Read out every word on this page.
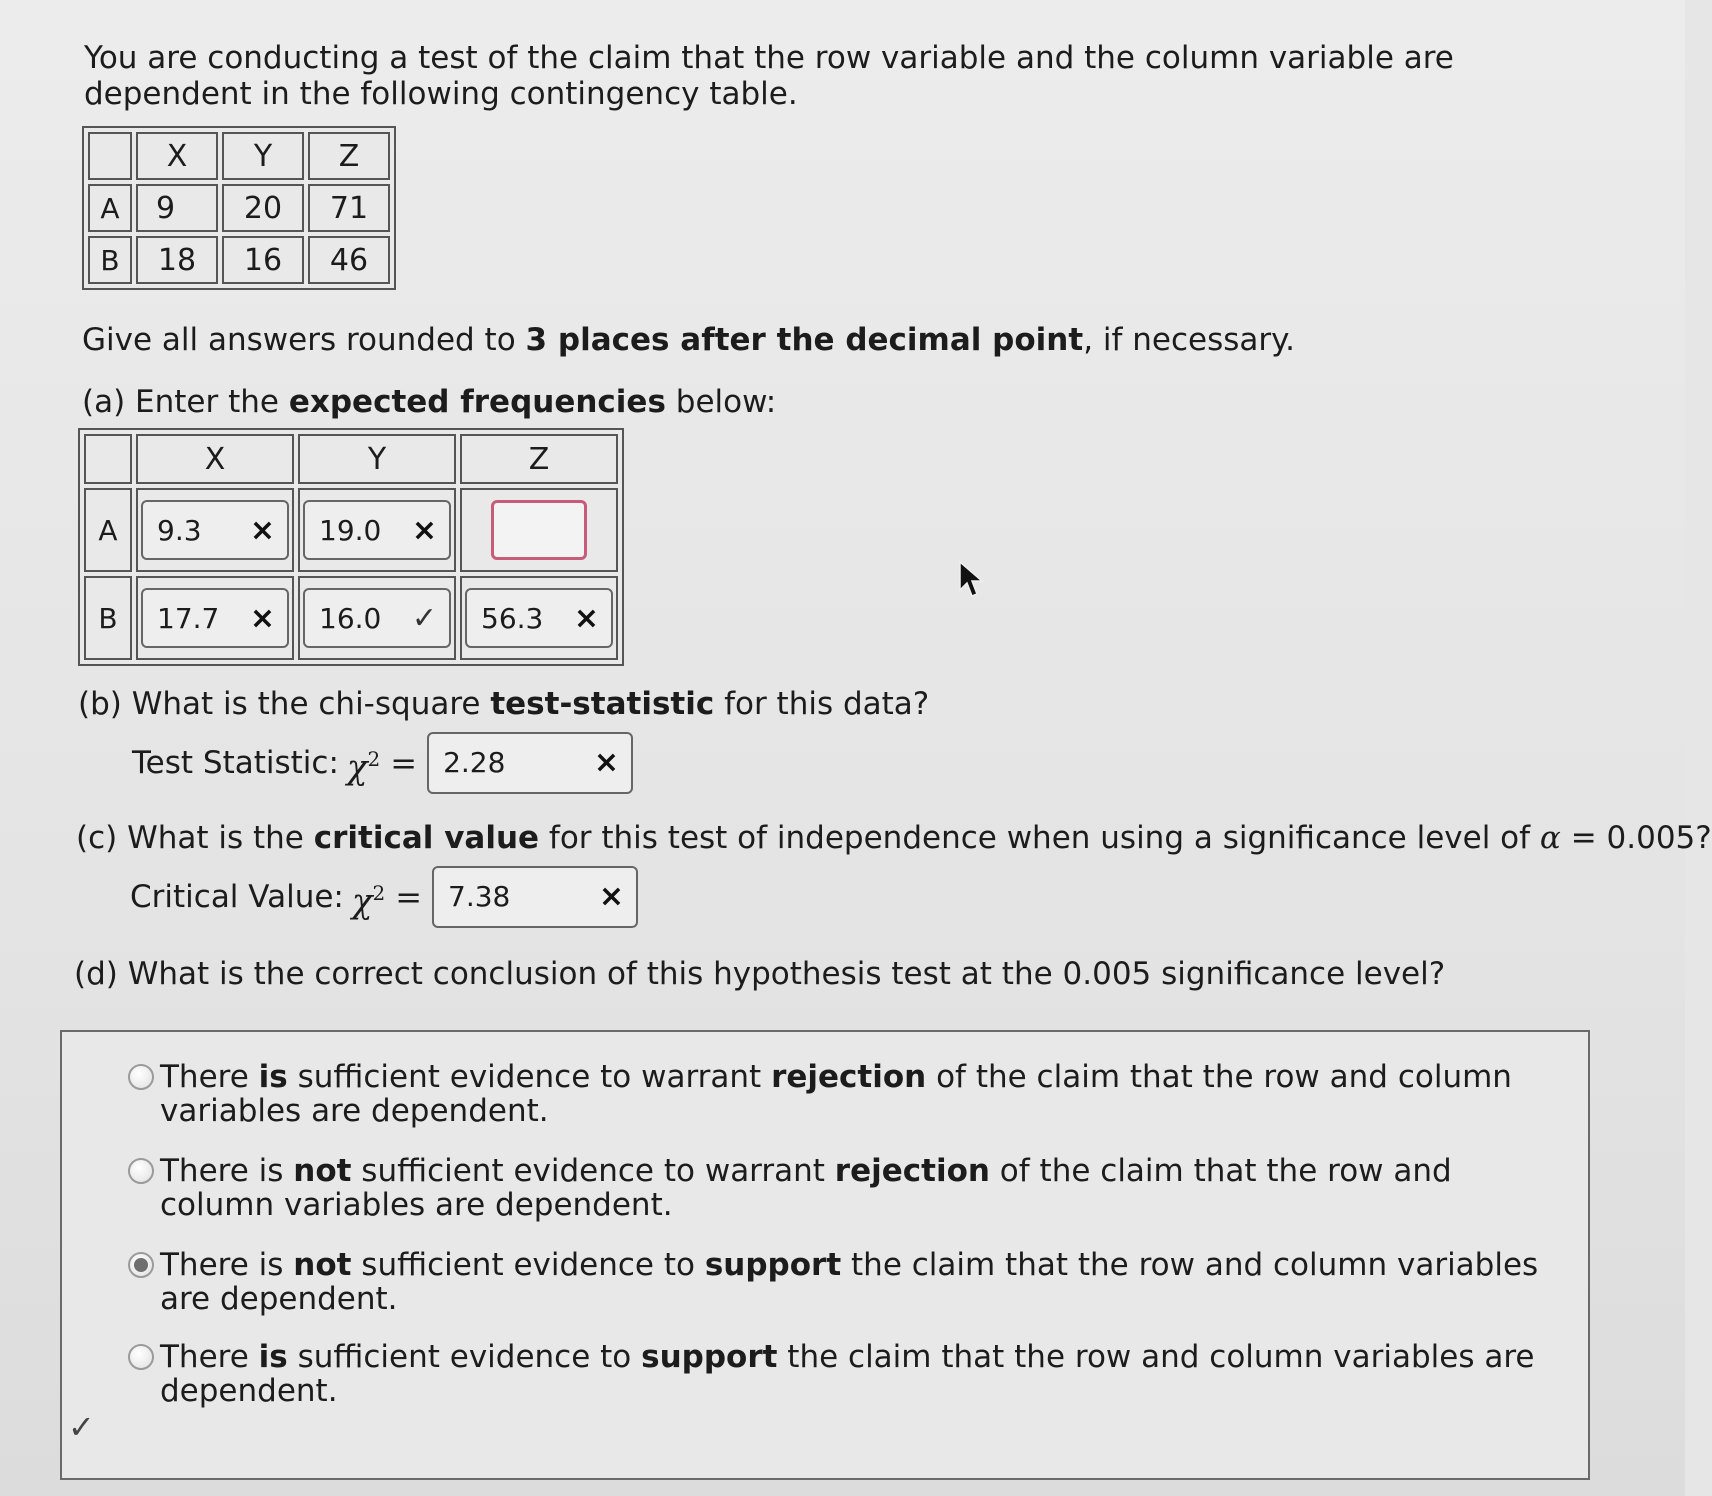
You are conducting a test of the claim that the row variable and the column variable are dependent in the following contingency table.
	X	Y	Z
A	9	20	71
B	18	16	46
Give all answers rounded to 3 places after the decimal point, if necessary.
(a) Enter the expected frequencies below:
	X	Y	Z
A	9.3 ×	19.0 ×	

B	17.7 ×	16.0 ✓	56.3 ×
(b) What is the chi-square test-statistic for this data?
Test Statistic: $\chi^2 = 2.28$	×
(c) What is the critical value for this test of independence when using a significance level of α = 0.005?
Critical Value: $\chi^2 = 7.38$	×
(d) What is the correct conclusion of this hypothesis test at the 0.005 significance level?
There is sufficient evidence to warrant rejection of the claim that the row and column variables are dependent.
There is not sufficient evidence to warrant rejection of the claim that the row and column variables are dependent.
There is not sufficient evidence to support the claim that the row and column variables are dependent.
There is sufficient evidence to support the claim that the row and column variables are dependent.
✓
